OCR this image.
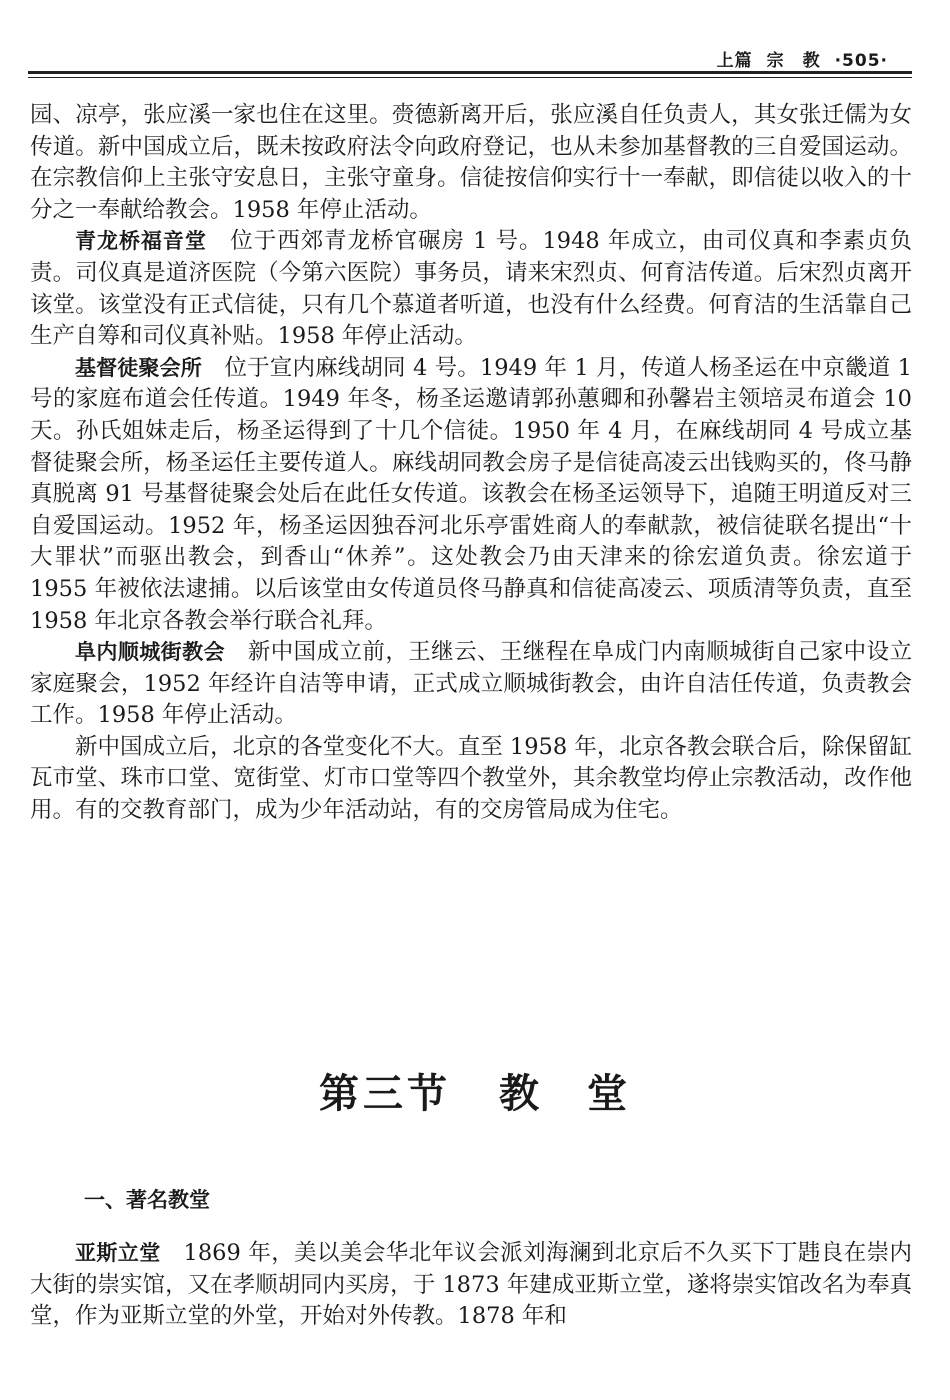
上篇 宗　教 ·505·

园、凉亭，张应溪一家也住在这里。赍德新离开后，张应溪自任负责人，其女张迁儒为女传道。新中国成立后，既未按政府法令向政府登记，也从未参加基督教的三自爱国运动。在宗教信仰上主张守安息日，主张守童身。信徒按信仰实行十一奉献，即信徒以收入的十分之一奉献给教会。1958 年停止活动。

青龙桥福音堂　位于西郊青龙桥官碾房 1 号。1948 年成立，由司仪真和李素贞负责。司仪真是道济医院（今第六医院）事务员，请来宋烈贞、何育洁传道。后宋烈贞离开该堂。该堂没有正式信徒，只有几个慕道者听道，也没有什么经费。何育洁的生活靠自己生产自筹和司仪真补贴。1958 年停止活动。

基督徒聚会所　位于宣内麻线胡同 4 号。1949 年 1 月，传道人杨圣运在中京畿道 1 号的家庭布道会任传道。1949 年冬，杨圣运邀请郭孙蕙卿和孙馨岩主领培灵布道会 10 天。孙氏姐妹走后，杨圣运得到了十几个信徒。1950 年 4 月，在麻线胡同 4 号成立基督徒聚会所，杨圣运任主要传道人。麻线胡同教会房子是信徒高凌云出钱购买的，佟马静真脱离 91 号基督徒聚会处后在此任女传道。该教会在杨圣运领导下，追随王明道反对三自爱国运动。1952 年，杨圣运因独吞河北乐亭雷姓商人的奉献款，被信徒联名提出“十大罪状”而驱出教会，到香山“休养”。这处教会乃由天津来的徐宏道负责。徐宏道于 1955 年被依法逮捕。以后该堂由女传道员佟马静真和信徒高凌云、项质清等负责，直至 1958 年北京各教会举行联合礼拜。

阜内顺城街教会　新中国成立前，王继云、王继程在阜成门内南顺城街自己家中设立家庭聚会，1952 年经许自洁等申请，正式成立顺城街教会，由许自洁任传道，负责教会工作。1958 年停止活动。

新中国成立后，北京的各堂变化不大。直至 1958 年，北京各教会联合后，除保留缸瓦市堂、珠市口堂、宽街堂、灯市口堂等四个教堂外，其余教堂均停止宗教活动，改作他用。有的交教育部门，成为少年活动站，有的交房管局成为住宅。

第三节 教　堂
一、著名教堂

亚斯立堂　1869 年，美以美会华北年议会派刘海澜到北京后不久买下丁韪良在崇内大街的崇实馆，又在孝顺胡同内买房，于 1873 年建成亚斯立堂，遂将崇实馆改名为奉真堂，作为亚斯立堂的外堂，开始对外传教。1878 年和
